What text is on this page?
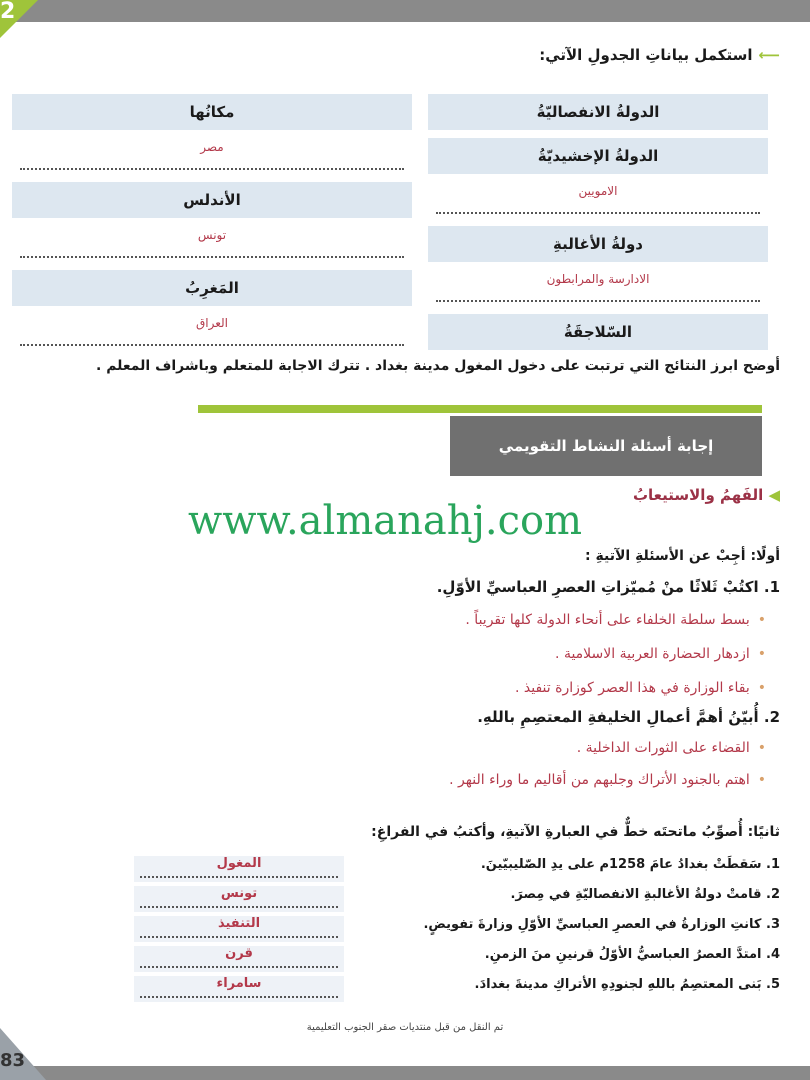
2
⟵استكمل بياناتِ الجدولِ الآتي:
الدولةُ الانفصاليّةُ
مكانُها
الدولةُ الإخشيديّةُ
مصر
الامويين
الأندلس
دولةُ الأغالبةِ
تونس
الادارسة والمرابطون
المَغرِبُ
السّلاجقَةُ
العراق
أوضح ابرز النتائج التي ترتبت على دخول المغول مدينة بغداد . تترك الاجابة للمتعلم وباشراف المعلم .
إجابة أسئلة النشاط التقويمي
◀ الفَهمُ والاستيعابُ
www.almanahj.com
أولًا: أجِبْ عن الأسئلةِ الآتيةِ :
1. اكتُبْ ثَلاثًا منْ مُميّزاتِ العصرِ العباسيِّ الأوّلِ.
•بسط سلطة الخلفاء على أنحاء الدولة كلها تقريباً .
•ازدهار الحضارة العربية الاسلامية .
•بقاء الوزارة في هذا العصر كوزارة تنفيذ .
2. أُبيّنُ أهمَّ أعمالِ الخليفةِ المعتصِمِ باللهِ.
•القضاء على الثورات الداخلية .
•اهتم بالجنود الأتراك وجلبهم من أقاليم ما وراء النهر .
ثانيًا: أُصوِّبُ ماتحتَه خطٌّ في العبارةِ الآتيةِ، وأكتبُ في الفراغِ:
1. سَقطَتْ بغدادُ عامَ 1258م على يدِ الصّليبيّينَ.
2. قامتْ دولةُ الأغالبةِ الانفصاليّةِ في مِصرَ.
3. كانتِ الوزارةُ في العصرِ العباسيِّ الأوّلِ وزارةَ تفويضٍ.
4. امتدَّ العصرُ العباسيُّ الأوّلُ قرنينِ منَ الزمنِ.
5. بَنى المعتصِمُ باللهِ لجنودِهِ الأتراكِ مدينةَ بغدادَ.
المغول
تونس
التنفيذ
قرن
سامراء
تم النقل من قبل منتديات صقر الجنوب التعليمية
83
